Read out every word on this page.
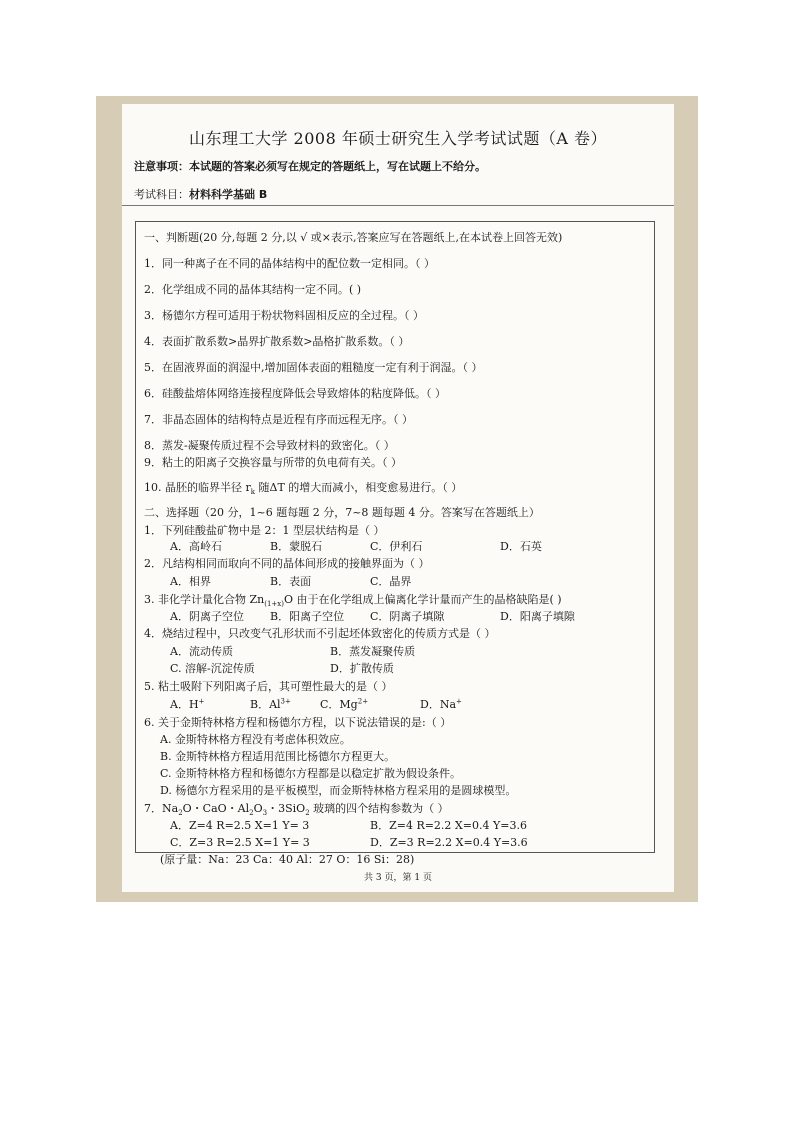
山东理工大学 2008 年硕士研究生入学考试试题（A 卷）
注意事项：本试题的答案必须写在规定的答题纸上，写在试题上不给分。
考试科目：材料科学基础 B
一、判断题(20 分,每题 2 分,以 √ 或×表示,答案应写在答题纸上,在本试卷上回答无效)
1．同一种离子在不同的晶体结构中的配位数一定相同。（ ）
2．化学组成不同的晶体其结构一定不同。( )
3．杨德尔方程可适用于粉状物料固相反应的全过程。（ ）
4．表面扩散系数>晶界扩散系数>晶格扩散系数。（ ）
5．在固液界面的润湿中,增加固体表面的粗糙度一定有利于润湿。（ ）
6．硅酸盐熔体网络连接程度降低会导致熔体的粘度降低。（ ）
7．非晶态固体的结构特点是近程有序而远程无序。（ ）
8．蒸发-凝聚传质过程不会导致材料的致密化。（ ）
9．粘土的阳离子交换容量与所带的负电荷有关。（ ）
10. 晶胚的临界半径 $r_k$ 随ΔT 的增大而减小，相变愈易进行。（ ）
二、选择题（20 分，1~6 题每题 2 分，7~8 题每题 4 分。答案写在答题纸上）
1．下列硅酸盐矿物中是 2：1 型层状结构是（ ）
A．高岭石	B．蒙脱石	C．伊利石	D．石英
2．凡结构相同而取向不同的晶体间形成的接触界面为（ ）
A．相界	B．表面	C．晶界
3. 非化学计量化合物 $Zn_{(1+x)}O$ 由于在化学组成上偏离化学计量而产生的晶格缺陷是( )
A．阴离子空位 B．阳离子空位 C．阴离子填隙	D．阳离子填隙
4．烧结过程中，只改变气孔形状而不引起坯体致密化的传质方式是（ ）
A．流动传质	B．蒸发凝聚传质
C. 溶解-沉淀传质	D．扩散传质
5. 粘土吸附下列阳离子后，其可塑性最大的是（ ）
A．H+	B．$Al^{3+}$	C．$Mg^{2+}$	D．Na+
6. 关于金斯特林格方程和杨德尔方程，以下说法错误的是:（ ）
A. 金斯特林格方程没有考虑体积效应。
B. 金斯特林格方程适用范围比杨德尔方程更大。
C. 金斯特林格方程和杨德尔方程都是以稳定扩散为假设条件。
D. 杨德尔方程采用的是平板模型，而金斯特林格方程采用的是圆球模型。
7．$Na_2O$・CaO・$Al_2O_3$・3SiO$_2$ 玻璃的四个结构参数为（ ）
A．Z=4 R=2.5 X=1 Y= 3	B．Z=4 R=2.2 X=0.4 Y=3.6
C．Z=3 R=2.5 X=1 Y= 3	D．Z=3 R=2.2 X=0.4 Y=3.6
(原子量：Na：23 Ca：40 Al：27 O：16 Si：28)
共 3 页，第 1 页
